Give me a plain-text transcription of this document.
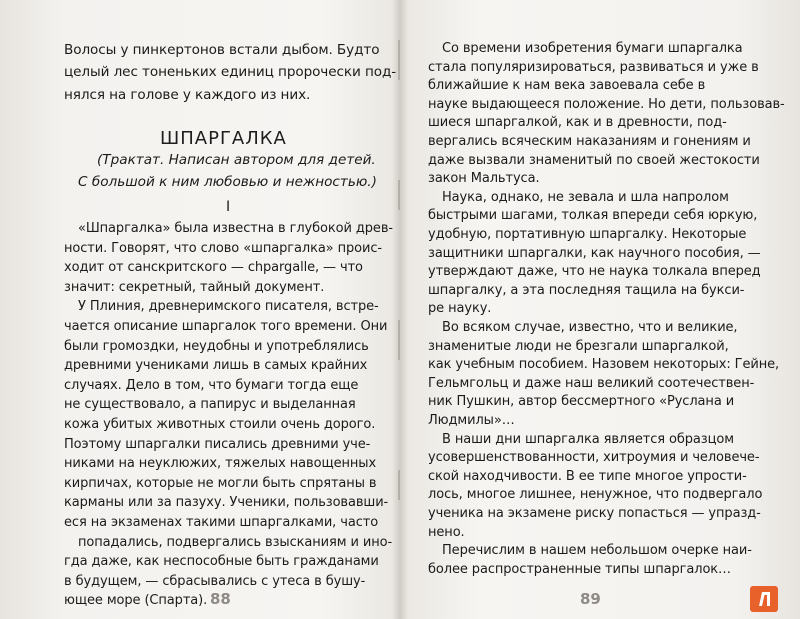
Волосы у пинкертонов встали дыбом. Будто
целый лес тоненьких единиц пророчески под-
нялся на голове у каждого из них.
ШПАРГАЛКА
(Трактат. Написан автором для детей.
С большой к ним любовью и нежностью.)
I
88
«Шпаргалка» была известна в глубокой древ-
ности. Говорят, что слово «шпаргалка» проис-
ходит от санскритского — chpargalle, — что
значит: секретный, тайный документ.
У Плиния, древнеримского писателя, встре-
чается описание шпаргалок того времени. Они
были громоздки, неудобны и употреблялись
древними учениками лишь в самых крайних
случаях. Дело в том, что бумаги тогда еще
не существовало, а папирус и выделанная
кожа убитых животных стоили очень дорого.
Поэтому шпаргалки писались древними уче-
никами на неуклюжих, тяжелых навощенных
кирпичах, которые не могли быть спрятаны в
карманы или за пазуху. Ученики, пользовавши-
еся на экзаменах такими шпаргалками, часто
попадались, подвергались взысканиям и ино-
гда даже, как неспособные быть гражданами
в будущем, — сбрасывались с утеса в бушу-
ющее море (Спарта).	89
Со времени изобретения бумаги шпаргалка
стала популяризироваться, развиваться и уже в
ближайшие к нам века завоевала себе в
науке выдающееся положение. Но дети, пользовав-
шиеся шпаргалкой, как и в древности, под-
вергались всяческим наказаниям и гонениям и
даже вызвали знаменитый по своей жестокости
закон Мальтуса.
Наука, однако, не зевала и шла напролом
быстрыми шагами, толкая впереди себя юркую,
удобную, портативную шпаргалку. Некоторые
защитники шпаргалки, как научного пособия, —
утверждают даже, что не наука толкала вперед
шпаргалку, а эта последняя тащила на букси-
ре науку.
Во всяком случае, известно, что и великие,
знаменитые люди не брезгали шпаргалкой,
как учебным пособием. Назовем некоторых: Гейне,
Гельмгольц и даже наш великий соотечествен-
ник Пушкин, автор бессмертного «Руслана и
Людмилы»…
В наши дни шпаргалка является образцом
усовершенствованности, хитроумия и человече-
ской находчивости. В ее типе многое упрости-
лось, многое лишнее, ненужное, что подвергало
ученика на экзамене риску попасться — упразд-
нено.
Перечислим в нашем небольшом очерке наи-
более распространенные типы шпаргалок…
